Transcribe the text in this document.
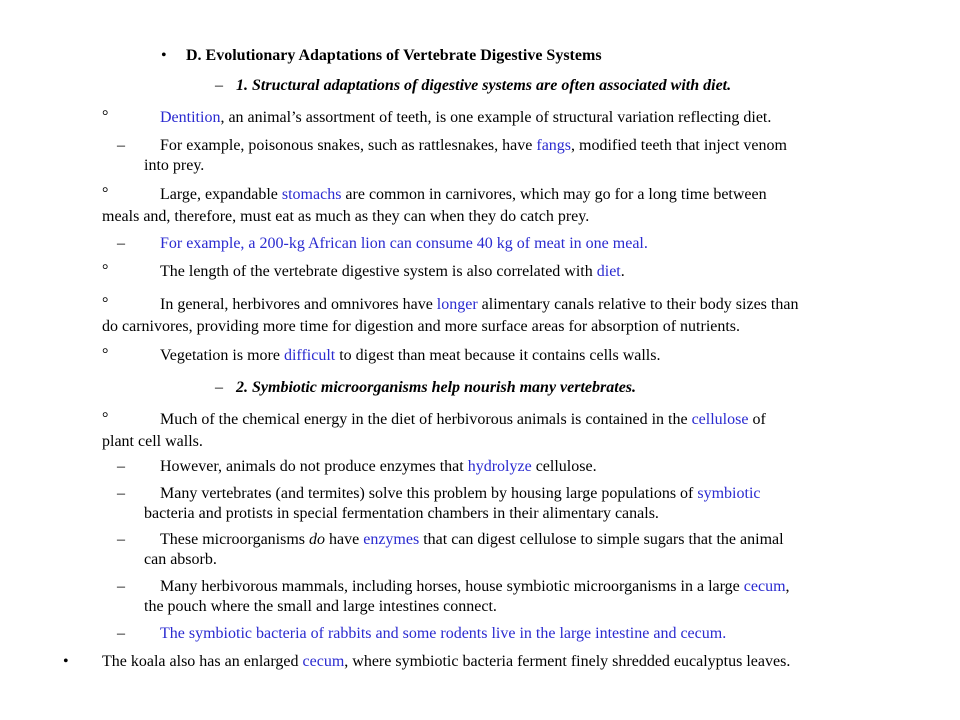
• D. Evolutionary Adaptations of Vertebrate Digestive Systems
– 1. Structural adaptations of digestive systems are often associated with diet.
°	Dentition, an animal’s assortment of teeth, is one example of structural variation reflecting diet.
– For example, poisonous snakes, such as rattlesnakes, have fangs, modified teeth that inject venom
into prey.
°	Large, expandable stomachs are common in carnivores, which may go for a long time between
meals and, therefore, must eat as much as they can when they do catch prey.
– For example, a 200-kg African lion can consume 40 kg of meat in one meal.
°	The length of the vertebrate digestive system is also correlated with diet.
°	In general, herbivores and omnivores have longer alimentary canals relative to their body sizes than
do carnivores, providing more time for digestion and more surface areas for absorption of nutrients.
°	Vegetation is more difficult to digest than meat because it contains cells walls.
– 2. Symbiotic microorganisms help nourish many vertebrates.
°	Much of the chemical energy in the diet of herbivorous animals is contained in the cellulose of
plant cell walls.
– However, animals do not produce enzymes that hydrolyze cellulose.
– Many vertebrates (and termites) solve this problem by housing large populations of symbiotic
bacteria and protists in special fermentation chambers in their alimentary canals.
– These microorganisms do have enzymes that can digest cellulose to simple sugars that the animal
can absorb.
– Many herbivorous mammals, including horses, house symbiotic microorganisms in a large cecum,
the pouch where the small and large intestines connect.
– The symbiotic bacteria of rabbits and some rodents live in the large intestine and cecum.
• The koala also has an enlarged cecum, where symbiotic bacteria ferment finely shredded eucalyptus leaves.
